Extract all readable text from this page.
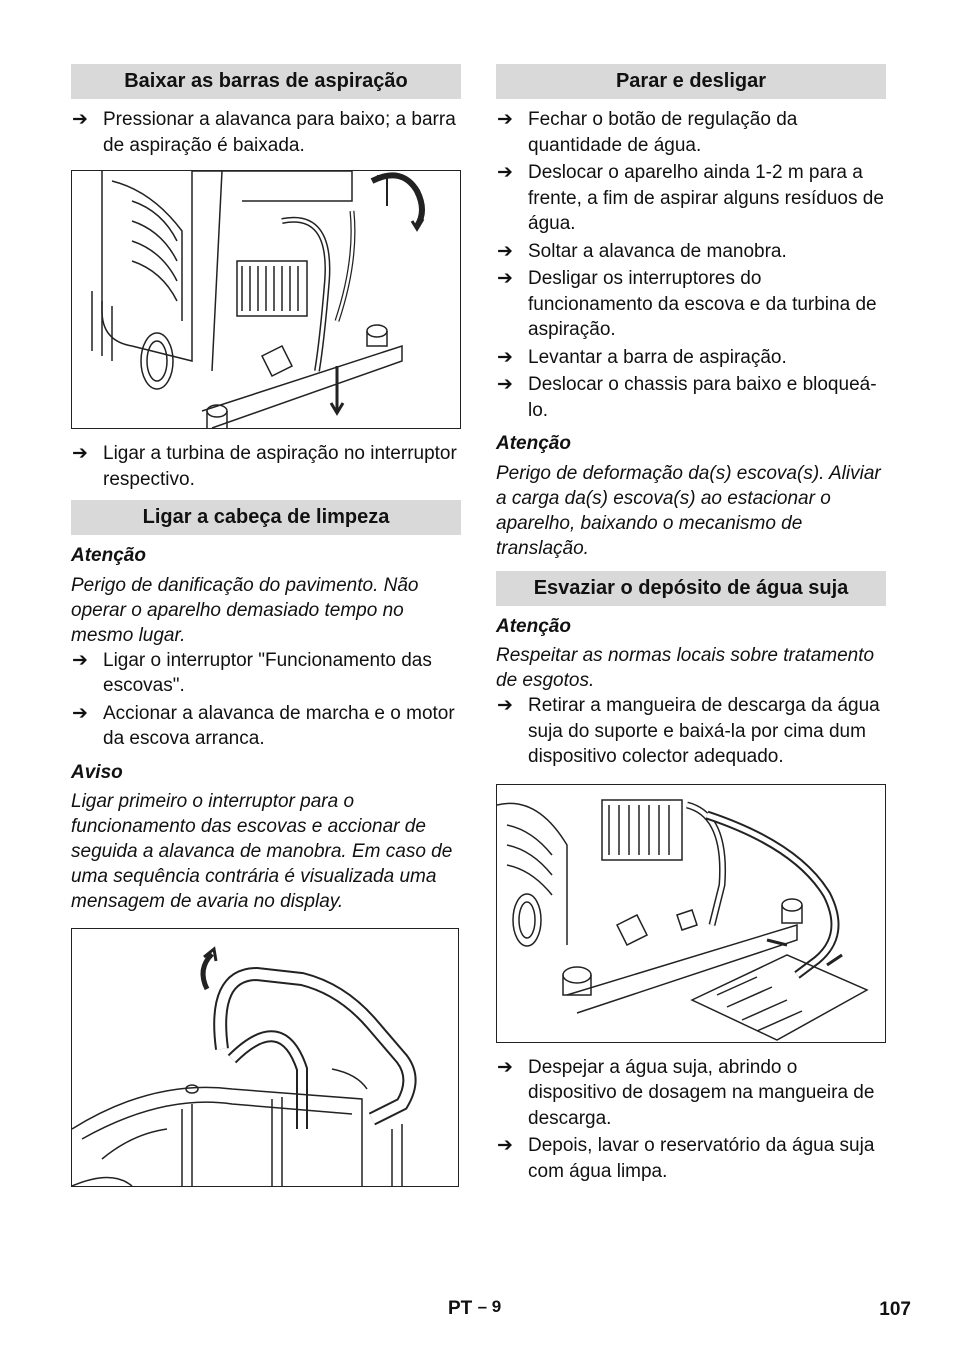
Baixar as barras de aspiração
➔ Pressionar a alavanca para baixo; a barra de aspiração é baixada.
➔ Ligar a turbina de aspiração no interruptor respectivo.
Ligar a cabeça de limpeza
Atenção

Perigo de danificação do pavimento. Não operar o aparelho demasiado tempo no mesmo lugar.

➔ Ligar o interruptor "Funcionamento das escovas".
➔ Accionar a alavanca de marcha e o motor da escova arranca.
Aviso

Ligar primeiro o interruptor para o funcionamento das escovas e accionar de seguida a alavanca de manobra. Em caso de uma sequência contrária é visualizada uma mensagem de avaria no display.

Parar e desligar
➔ Fechar o botão de regulação da quantidade de água.
➔ Deslocar o aparelho ainda 1-2 m para a frente, a fim de aspirar alguns resíduos de água.
➔ Soltar a alavanca de manobra.
➔ Desligar os interruptores do funcionamento da escova e da turbina de aspiração.
➔ Levantar a barra de aspiração.
➔ Deslocar o chassis para baixo e bloqueá-lo.
Atenção

Perigo de deformação da(s) escova(s). Aliviar a carga da(s) escova(s) ao estacionar o aparelho, baixando o mecanismo de translação.

Esvaziar o depósito de água suja
Atenção

Respeitar as normas locais sobre tratamento de esgotos.

➔ Retirar a mangueira de descarga da água suja do suporte e baixá-la por cima dum dispositivo colector adequado.
➔ Despejar a água suja, abrindo o dispositivo de dosagem na mangueira de descarga.
➔ Depois, lavar o reservatório da água suja com água limpa.
PT – 9	107
